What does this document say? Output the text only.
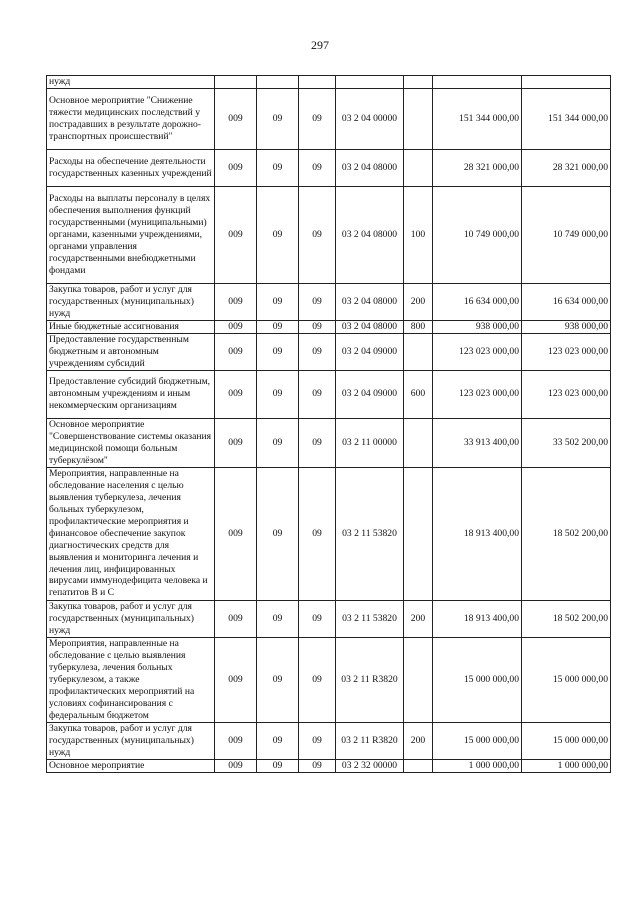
297
нужд							
Основное мероприятие "Снижение тяжести медицинских последствий у пострадавших в результате дорожно-транспортных происшествий"	009	09	09	03 2 04 00000		151 344 000,00	151 344 000,00
Расходы на обеспечение деятельности государственных казенных учреждений	009	09	09	03 2 04 08000		28 321 000,00	28 321 000,00
Расходы на выплаты персоналу в целях обеспечения выполнения функций государственными (муниципальными) органами, казенными учреждениями, органами управления государственными внебюджетными фондами	009	09	09	03 2 04 08000	100	10 749 000,00	10 749 000,00
Закупка товаров, работ и услуг для государственных (муниципальных) нужд	009	09	09	03 2 04 08000	200	16 634 000,00	16 634 000,00
Иные бюджетные ассигнования	009	09	09	03 2 04 08000	800	938 000,00	938 000,00
Предоставление государственным бюджетным и автономным учреждениям субсидий	009	09	09	03 2 04 09000		123 023 000,00	123 023 000,00
Предоставление субсидий бюджетным, автономным учреждениям и иным некоммерческим организациям	009	09	09	03 2 04 09000	600	123 023 000,00	123 023 000,00
Основное мероприятие "Совершенствование системы оказания медицинской помощи больным туберкулёзом"	009	09	09	03 2 11 00000		33 913 400,00	33 502 200,00
Мероприятия, направленные на обследование населения с целью выявления туберкулеза, лечения больных туберкулезом, профилактические мероприятия и финансовое обеспечение закупок диагностических средств для выявления и мониторинга лечения и лечения лиц, инфицированных вирусами иммунодефицита человека и гепатитов В и С	009	09	09	03 2 11 53820		18 913 400,00	18 502 200,00
Закупка товаров, работ и услуг для государственных (муниципальных) нужд	009	09	09	03 2 11 53820	200	18 913 400,00	18 502 200,00
Мероприятия, направленные на обследование с целью выявления туберкулеза, лечения больных туберкулезом, а также профилактических мероприятий на условиях софинансирования с федеральным бюджетом	009	09	09	03 2 11 R3820		15 000 000,00	15 000 000,00
Закупка товаров, работ и услуг для государственных (муниципальных) нужд	009	09	09	03 2 11 R3820	200	15 000 000,00	15 000 000,00
Основное мероприятие	009	09	09	03 2 32 00000		1 000 000,00	1 000 000,00
